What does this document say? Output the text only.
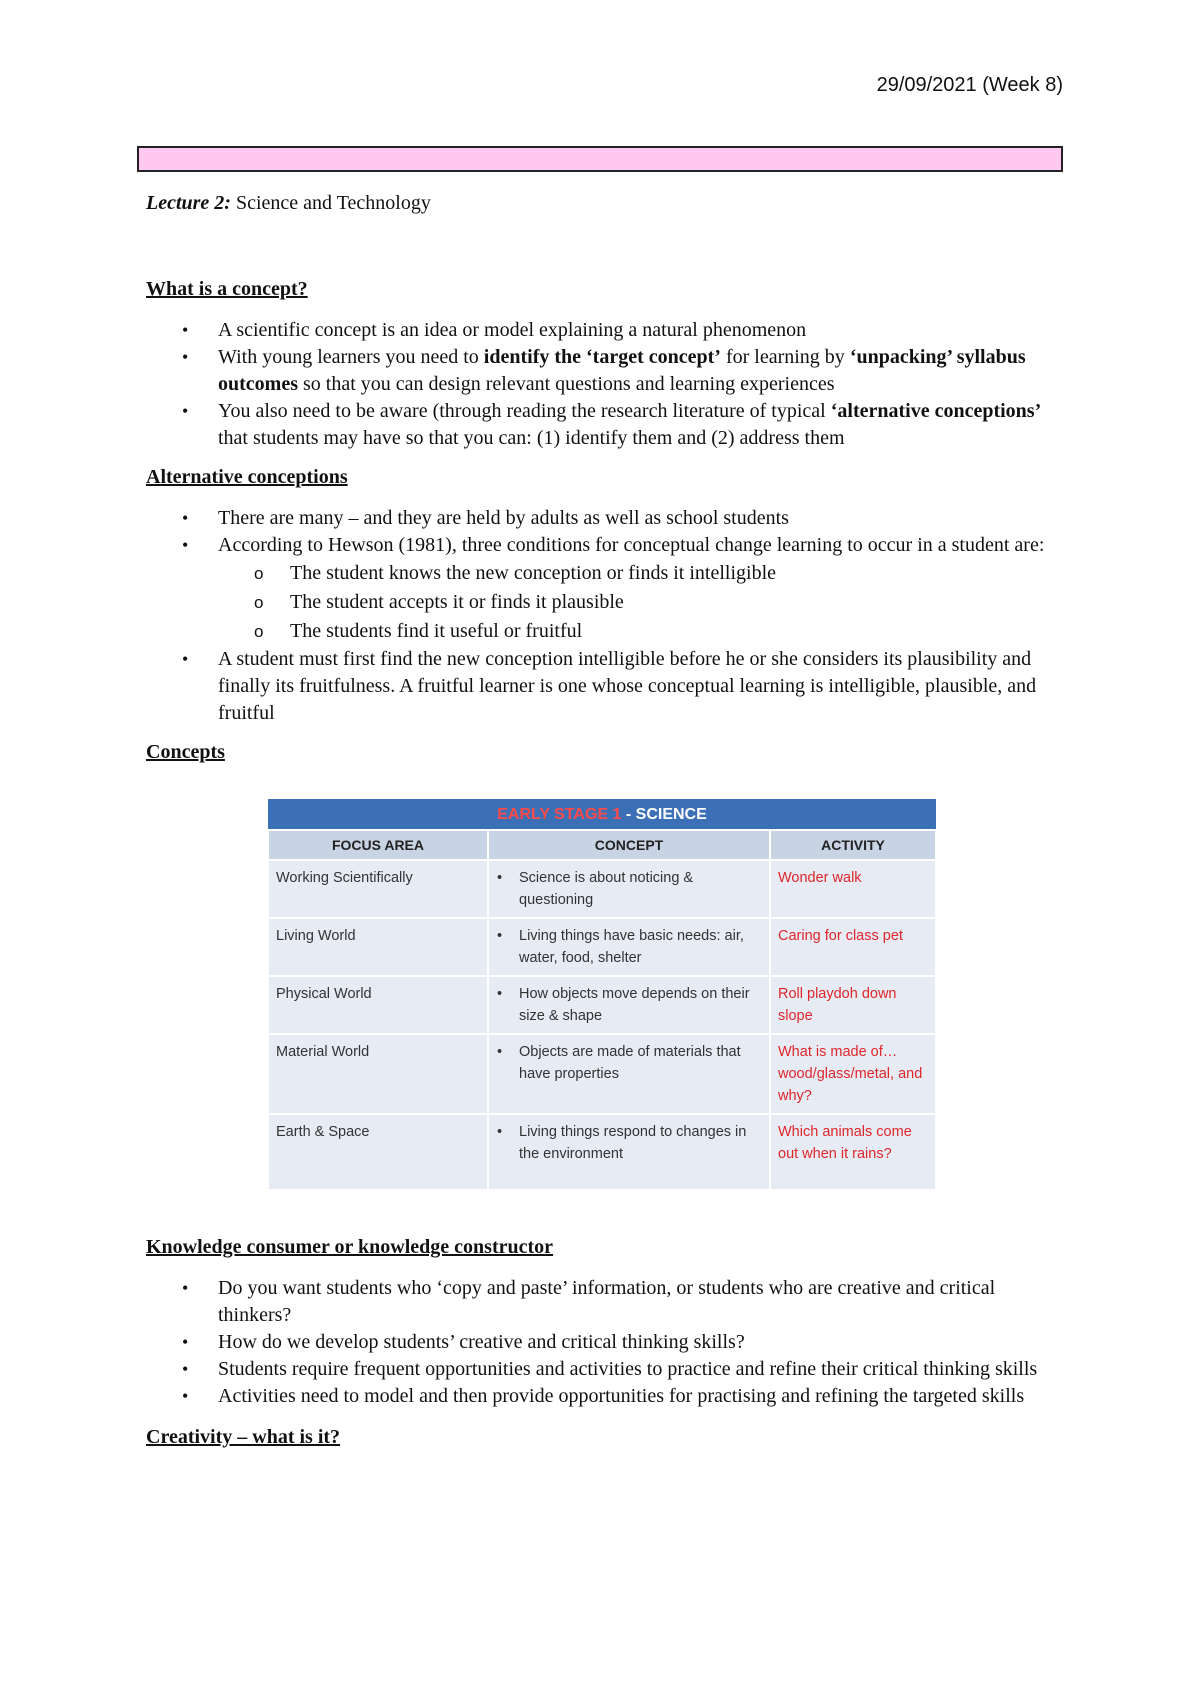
29/09/2021 (Week 8)

Lecture 2: Science and Technology

What is a concept?

• A scientific concept is an idea or model explaining a natural phenomenon
• With young learners you need to identify the ‘target concept’ for learning by ‘unpacking’ syllabus outcomes so that you can design relevant questions and learning experiences
• You also need to be aware (through reading the research literature of typical ‘alternative conceptions’ that students may have so that you can: (1) identify them and (2) address them

Alternative conceptions

• There are many – and they are held by adults as well as school students
• According to Hewson (1981), three conditions for conceptual change learning to occur in a student are:
o The student knows the new conception or finds it intelligible
o The student accepts it or finds it plausible
o The students find it useful or fruitful
• A student must first find the new conception intelligible before he or she considers its plausibility and finally its fruitfulness. A fruitful learner is one whose conceptual learning is intelligible, plausible, and fruitful

Concepts

EARLY STAGE 1 - SCIENCE		
FOCUS AREA	CONCEPT	ACTIVITY
Working Scientifically	• Science is about noticing & questioning	Wonder walk
Living World	• Living things have basic needs: air, water, food, shelter	Caring for class pet
Physical World	• How objects move depends on their size & shape	Roll playdoh down slope
Material World	• Objects are made of materials that have properties	What is made of… wood/glass/metal, and why?
Earth & Space	• Living things respond to changes in the environment	Which animals come out when it rains?

Knowledge consumer or knowledge constructor

• Do you want students who ‘copy and paste’ information, or students who are creative and critical thinkers?
• How do we develop students’ creative and critical thinking skills?
• Students require frequent opportunities and activities to practice and refine their critical thinking skills
• Activities need to model and then provide opportunities for practising and refining the targeted skills

Creativity – what is it?
